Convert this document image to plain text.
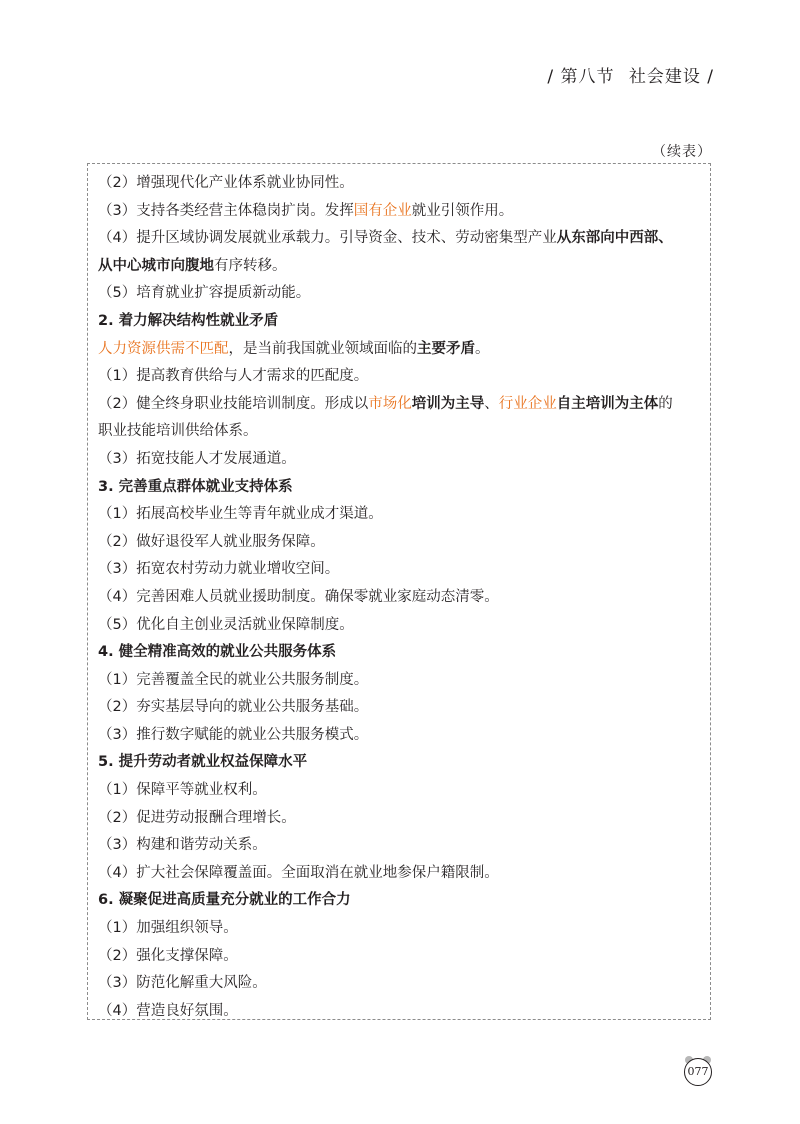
/ 第八节 社会建设 /
（续表）
（2）增强现代化产业体系就业协同性。
（3）支持各类经营主体稳岗扩岗。发挥国有企业就业引领作用。
（4）提升区域协调发展就业承载力。引导资金、技术、劳动密集型产业从东部向中西部、
从中心城市向腹地有序转移。
（5）培育就业扩容提质新动能。
2. 着力解决结构性就业矛盾
人力资源供需不匹配，是当前我国就业领域面临的主要矛盾。
（1）提高教育供给与人才需求的匹配度。
（2）健全终身职业技能培训制度。形成以市场化培训为主导、行业企业自主培训为主体的
职业技能培训供给体系。
（3）拓宽技能人才发展通道。
3. 完善重点群体就业支持体系
（1）拓展高校毕业生等青年就业成才渠道。
（2）做好退役军人就业服务保障。
（3）拓宽农村劳动力就业增收空间。
（4）完善困难人员就业援助制度。确保零就业家庭动态清零。
（5）优化自主创业灵活就业保障制度。
4. 健全精准高效的就业公共服务体系
（1）完善覆盖全民的就业公共服务制度。
（2）夯实基层导向的就业公共服务基础。
（3）推行数字赋能的就业公共服务模式。
5. 提升劳动者就业权益保障水平
（1）保障平等就业权利。
（2）促进劳动报酬合理增长。
（3）构建和谐劳动关系。
（4）扩大社会保障覆盖面。全面取消在就业地参保户籍限制。
6. 凝聚促进高质量充分就业的工作合力
（1）加强组织领导。
（2）强化支撑保障。
（3）防范化解重大风险。
（4）营造良好氛围。
077
